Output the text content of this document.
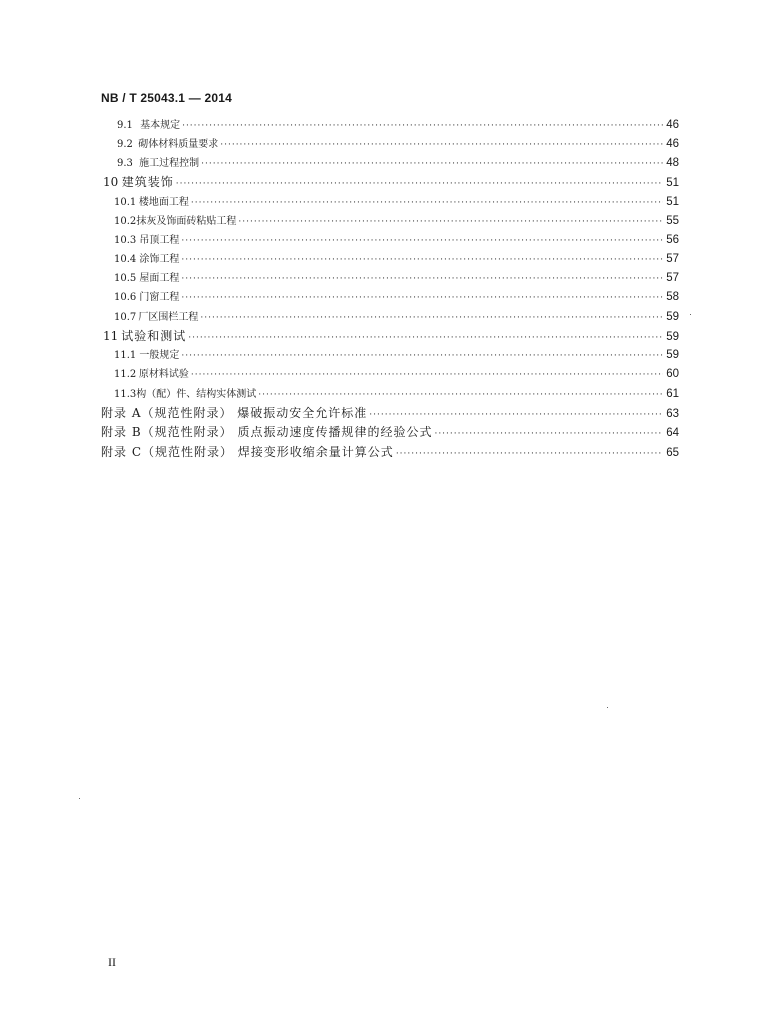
NB / T 25043.1 — 2014
9.1 基本规定 ·····	46
9.2 砌体材料质量要求 ·····	46
9.3 施工过程控制 ·····	48
10 建筑装饰 ·····	51
10.1 楼地面工程 ·····	51
10.2 抹灰及饰面砖粘贴工程 ·····	55
10.3 吊顶工程 ·····	56
10.4 涂饰工程 ·····	57
10.5 屋面工程 ·····	57
10.6 门窗工程 ·····	58
10.7 厂区围栏工程 ·····	59
11 试验和测试 ·····	59
11.1 一般规定 ·····	59
11.2 原材料试验 ·····	60
11.3 构（配）件、结构实体测试 ·····	61
附录 A（规范性附录） 爆破振动安全允许标准 ·····	63
附录 B（规范性附录） 质点振动速度传播规律的经验公式 ·····	64
附录 C（规范性附录） 焊接变形收缩余量计算公式 ·····	65
II
